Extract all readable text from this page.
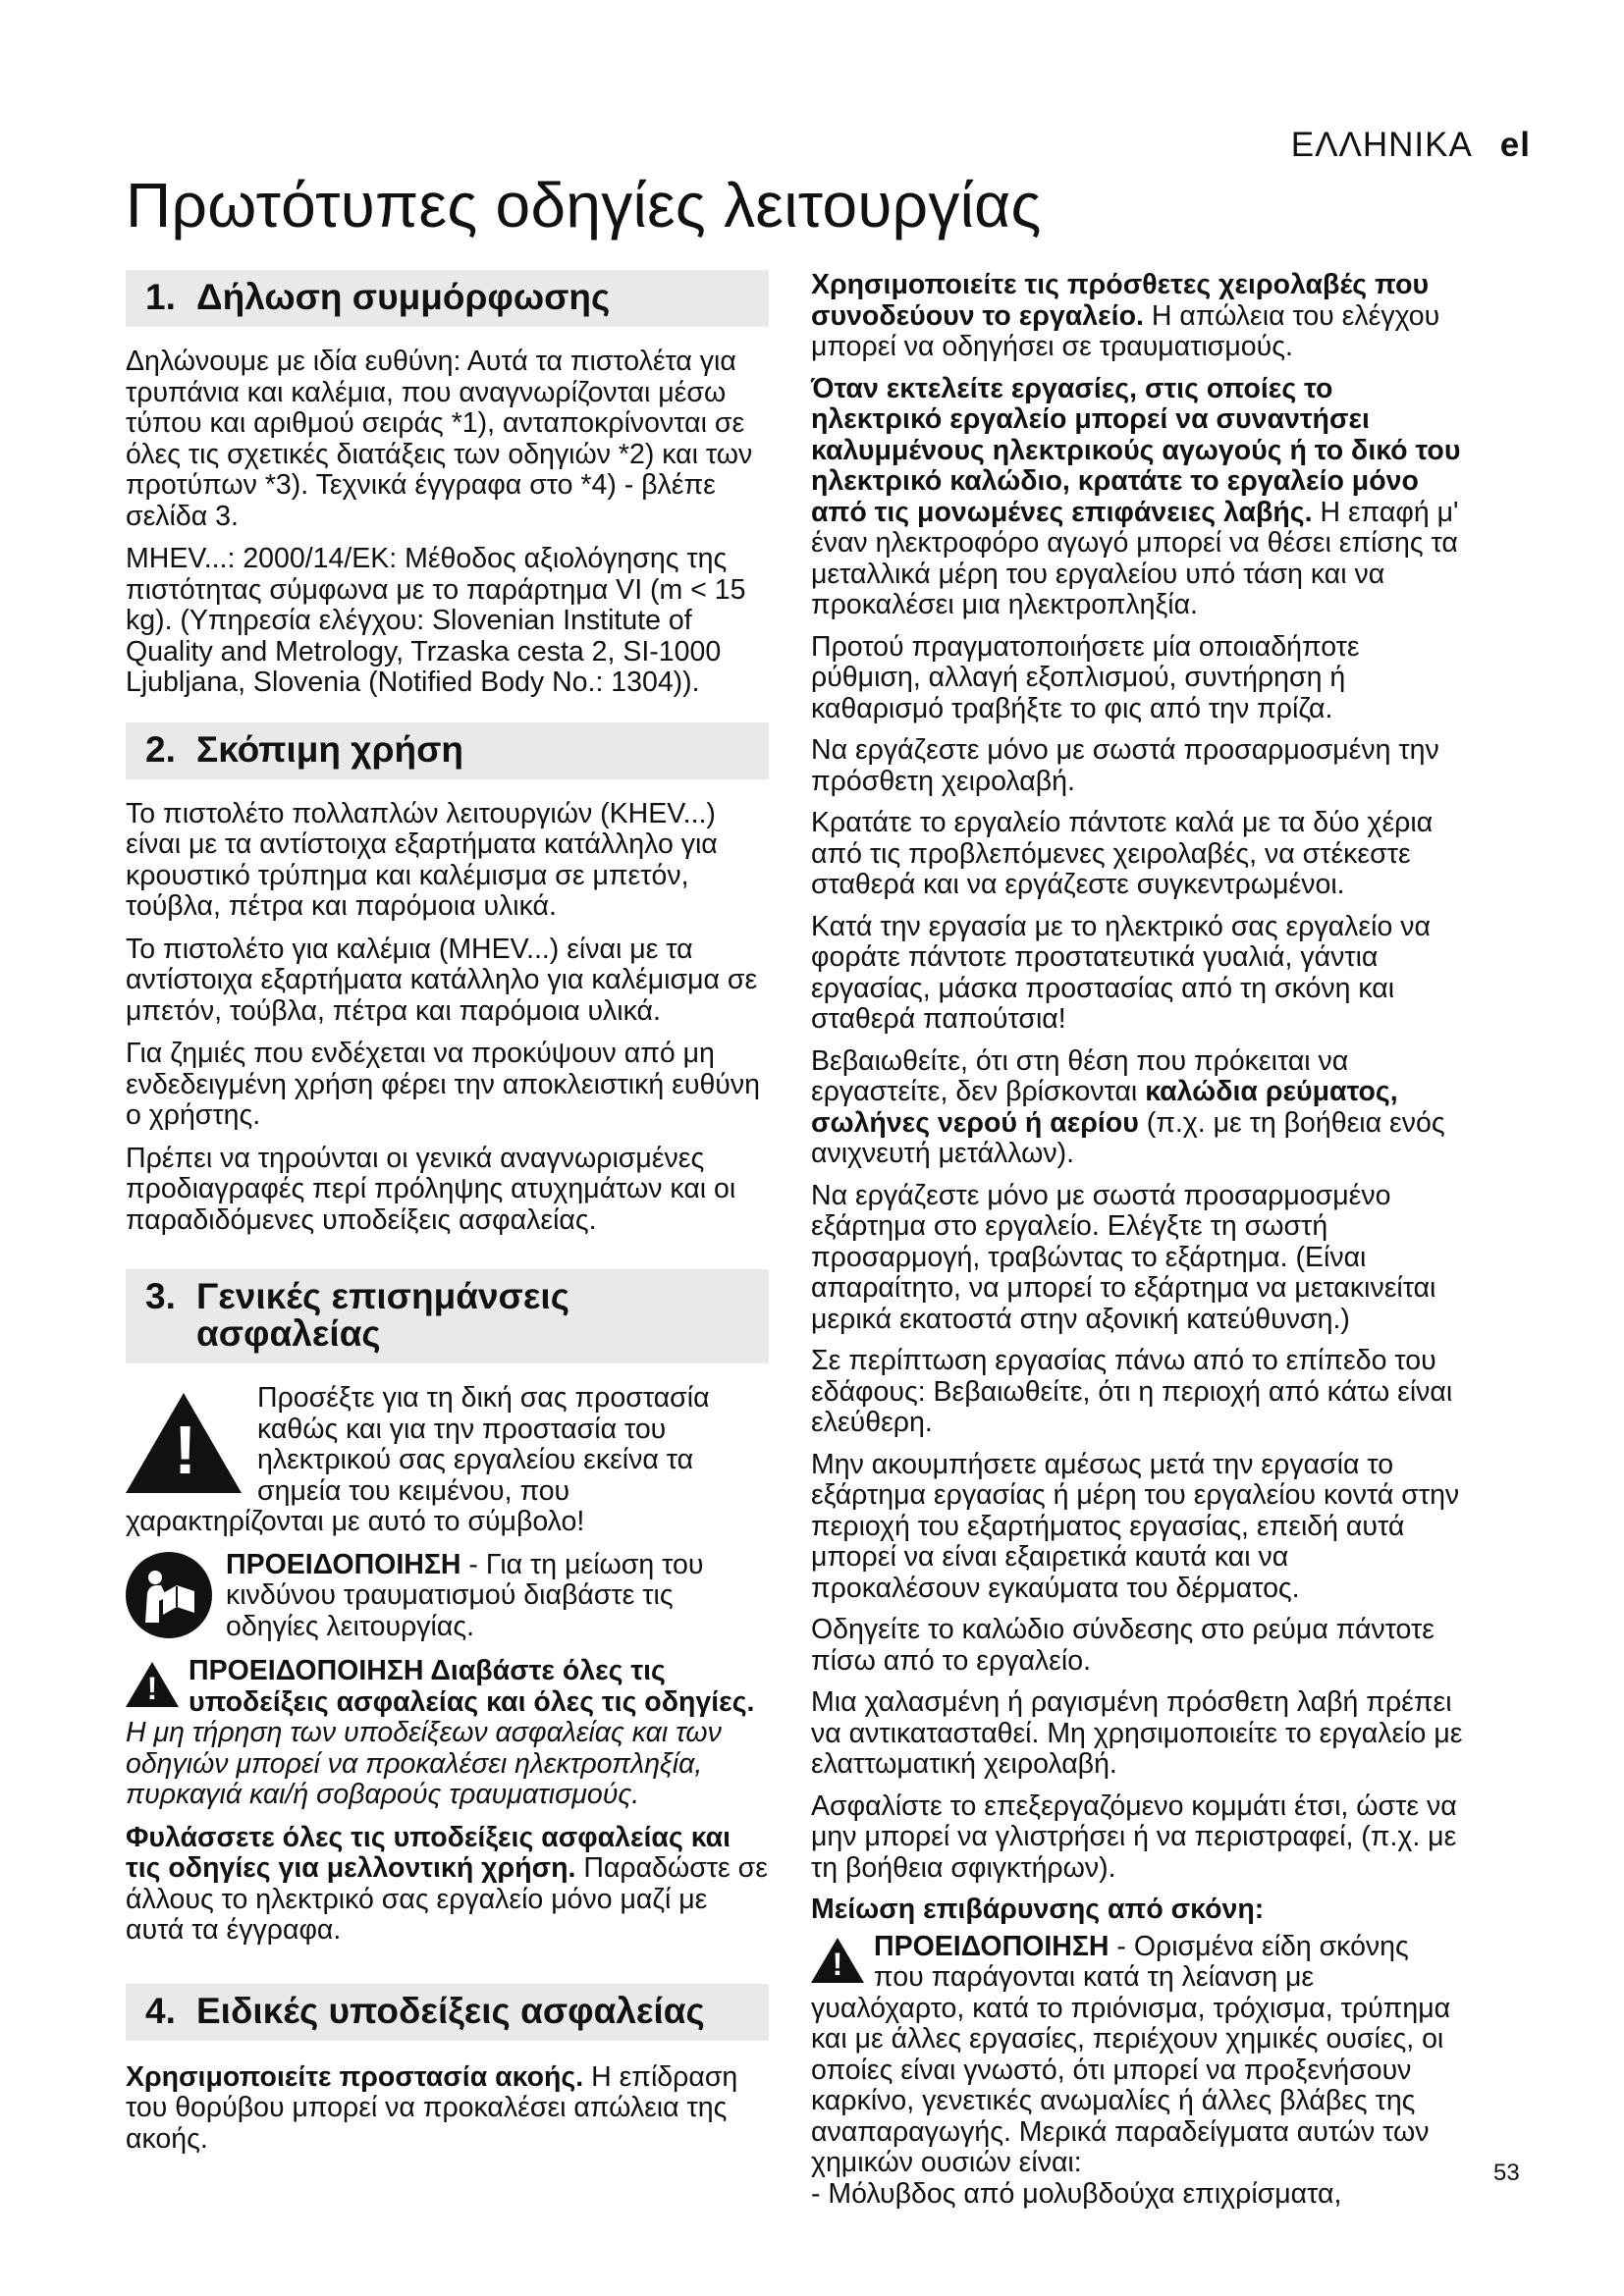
ΕΛΛΗΝΙΚΑ el
Πρωτότυπες οδηγίες λειτουργίας
1. Δήλωση συμμόρφωσης

Δηλώνουμε με ιδία ευθύνη: Αυτά τα πιστολέτα για τρυπάνια και καλέμια, που αναγνωρίζονται μέσω τύπου και αριθμού σειράς *1), ανταποκρίνονται σε όλες τις σχετικές διατάξεις των οδηγιών *2) και των προτύπων *3). Τεχνικά έγγραφα στο *4) - βλέπε σελίδα 3.

MHEV...: 2000/14/ΕΚ: Μέθοδος αξιολόγησης της πιστότητας σύμφωνα με το παράρτημα VI (m < 15 kg). (Υπηρεσία ελέγχου: Slovenian Institute of Quality and Metrology, Trzaska cesta 2, SI-1000 Ljubljana, Slovenia (Notified Body No.: 1304)).

2. Σκόπιμη χρήση

Το πιστολέτο πολλαπλών λειτουργιών (KHEV...) είναι με τα αντίστοιχα εξαρτήματα κατάλληλο για κρουστικό τρύπημα και καλέμισμα σε μπετόν, τούβλα, πέτρα και παρόμοια υλικά.

Το πιστολέτο για καλέμια (MHEV...) είναι με τα αντίστοιχα εξαρτήματα κατάλληλο για καλέμισμα σε μπετόν, τούβλα, πέτρα και παρόμοια υλικά.

Για ζημιές που ενδέχεται να προκύψουν από μη ενδεδειγμένη χρήση φέρει την αποκλειστική ευθύνη ο χρήστης.

Πρέπει να τηρούνται οι γενικά αναγνωρισμένες προδιαγραφές περί πρόληψης ατυχημάτων και οι παραδιδόμενες υποδείξεις ασφαλείας.

3. Γενικές επισημάνσεις ασφαλείας

!
Προσέξτε για τη δική σας προστασία καθώς και για την προστασία του ηλεκτρικού σας εργαλείου εκείνα τα σημεία του κειμένου, που χαρακτηρίζονται με αυτό το σύμβολο!

ΠΡΟΕΙΔΟΠΟΙΗΣΗ - Για τη μείωση του κινδύνου τραυματισμού διαβάστε τις οδηγίες λειτουργίας.

! ΠΡΟΕΙΔΟΠΟΙΗΣΗ Διαβάστε όλες τις υποδείξεις ασφαλείας και όλες τις οδηγίες. Η μη τήρηση των υποδείξεων ασφαλείας και των οδηγιών μπορεί να προκαλέσει ηλεκτροπληξία, πυρκαγιά και/ή σοβαρούς τραυματισμούς.

Φυλάσσετε όλες τις υποδείξεις ασφαλείας και τις οδηγίες για μελλοντική χρήση. Παραδώστε σε άλλους το ηλεκτρικό σας εργαλείο μόνο μαζί με αυτά τα έγγραφα.

4. Ειδικές υποδείξεις ασφαλείας

Χρησιμοποιείτε προστασία ακοής. Η επίδραση του θορύβου μπορεί να προκαλέσει απώλεια της ακοής.

Χρησιμοποιείτε τις πρόσθετες χειρολαβές που συνοδεύουν το εργαλείο. Η απώλεια του ελέγχου μπορεί να οδηγήσει σε τραυματισμούς.

Όταν εκτελείτε εργασίες, στις οποίες το ηλεκτρικό εργαλείο μπορεί να συναντήσει καλυμμένους ηλεκτρικούς αγωγούς ή το δικό του ηλεκτρικό καλώδιο, κρατάτε το εργαλείο μόνο από τις μονωμένες επιφάνειες λαβής. Η επαφή μ' έναν ηλεκτροφόρο αγωγό μπορεί να θέσει επίσης τα μεταλλικά μέρη του εργαλείου υπό τάση και να προκαλέσει μια ηλεκτροπληξία.

Προτού πραγματοποιήσετε μία οποιαδήποτε ρύθμιση, αλλαγή εξοπλισμού, συντήρηση ή καθαρισμό τραβήξτε το φις από την πρίζα.

Να εργάζεστε μόνο με σωστά προσαρμοσμένη την πρόσθετη χειρολαβή.

Κρατάτε το εργαλείο πάντοτε καλά με τα δύο χέρια από τις προβλεπόμενες χειρολαβές, να στέκεστε σταθερά και να εργάζεστε συγκεντρωμένοι.

Κατά την εργασία με το ηλεκτρικό σας εργαλείο να φοράτε πάντοτε προστατευτικά γυαλιά, γάντια εργασίας, μάσκα προστασίας από τη σκόνη και σταθερά παπούτσια!

Βεβαιωθείτε, ότι στη θέση που πρόκειται να εργαστείτε, δεν βρίσκονται καλώδια ρεύματος, σωλήνες νερού ή αερίου (π.χ. με τη βοήθεια ενός ανιχνευτή μετάλλων).

Να εργάζεστε μόνο με σωστά προσαρμοσμένο εξάρτημα στο εργαλείο. Ελέγξτε τη σωστή προσαρμογή, τραβώντας το εξάρτημα. (Είναι απαραίτητο, να μπορεί το εξάρτημα να μετακινείται μερικά εκατοστά στην αξονική κατεύθυνση.)

Σε περίπτωση εργασίας πάνω από το επίπεδο του εδάφους: Βεβαιωθείτε, ότι η περιοχή από κάτω είναι ελεύθερη.

Μην ακουμπήσετε αμέσως μετά την εργασία το εξάρτημα εργασίας ή μέρη του εργαλείου κοντά στην περιοχή του εξαρτήματος εργασίας, επειδή αυτά μπορεί να είναι εξαιρετικά καυτά και να προκαλέσουν εγκαύματα του δέρματος.

Οδηγείτε το καλώδιο σύνδεσης στο ρεύμα πάντοτε πίσω από το εργαλείο.

Μια χαλασμένη ή ραγισμένη πρόσθετη λαβή πρέπει να αντικατασταθεί. Μη χρησιμοποιείτε το εργαλείο με ελαττωματική χειρολαβή.

Ασφαλίστε το επεξεργαζόμενο κομμάτι έτσι, ώστε να μην μπορεί να γλιστρήσει ή να περιστραφεί, (π.χ. με τη βοήθεια σφιγκτήρων).

Μείωση επιβάρυνσης από σκόνη:

! ΠΡΟΕΙΔΟΠΟΙΗΣΗ - Ορισμένα είδη σκόνης που παράγονται κατά τη λείανση με γυαλόχαρτο, κατά το πριόνισμα, τρόχισμα, τρύπημα και με άλλες εργασίες, περιέχουν χημικές ουσίες, οι οποίες είναι γνωστό, ότι μπορεί να προξενήσουν καρκίνο, γενετικές ανωμαλίες ή άλλες βλάβες της αναπαραγωγής. Μερικά παραδείγματα αυτών των χημικών ουσιών είναι:

- Μόλυβδος από μολυβδούχα επιχρίσματα,

53
